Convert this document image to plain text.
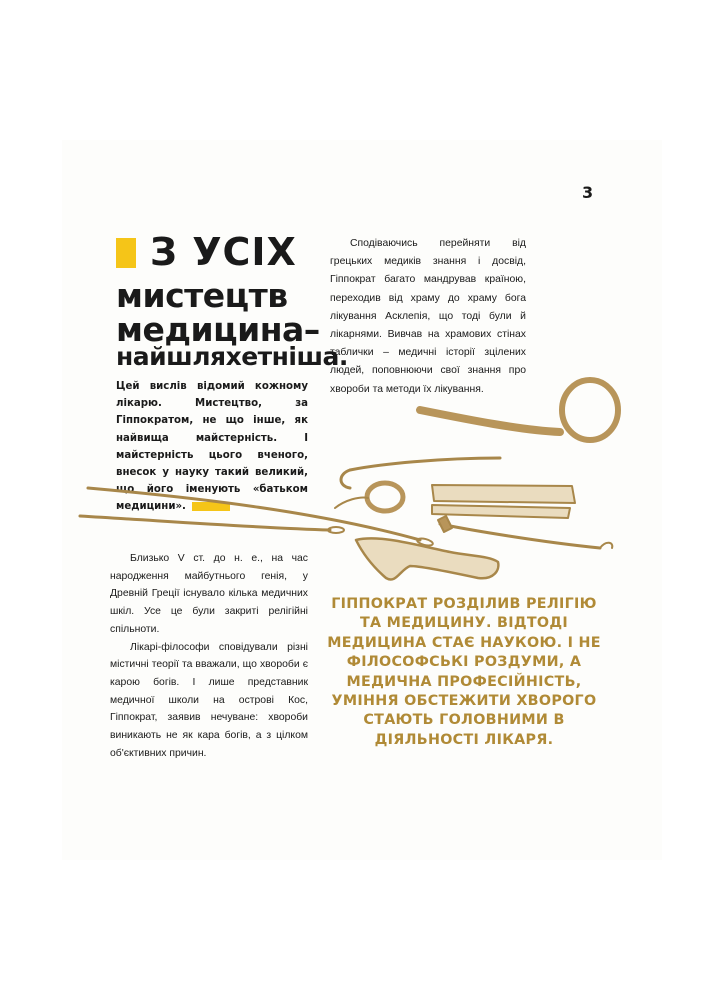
3
З УСІХ
мистецтв
медицина–
найшляхетніша.
Цей вислів відомий кожному лікарю. Мистецтво, за Гіппократом, не що інше, як найвища майстерність. І майстерність цього вченого, внесок у науку такий великий, що його іменують «батьком медицини».

Сподіваючись перейняти від грецьких медиків знання і досвід, Гіппократ багато мандрував країною, переходив від храму до храму бога лікування Асклепія, що тоді були й лікарнями. Вивчав на храмових стінах таблички – медичні історії зцілених людей, поповнюючи свої знання про хвороби та методи їх лікування.

Близько V ст. до н. е., на час народження майбутнього генія, у Древній Греції існувало кілька медичних шкіл. Усе це були закриті релігійні спільноти.

Лікарі-філософи сповідували різні містичні теорії та вважали, що хвороби є карою богів. І лише представник медичної школи на острові Кос, Гіппократ, заявив нечуване: хвороби виникають не як кара богів, а з цілком об'єктивних причин.

ГІППОКРАТ РОЗДІЛИВ РЕЛІГІЮ ТА МЕДИЦИНУ. ВІДТОДІ МЕДИЦИНА СТАЄ НАУКОЮ. І НЕ ФІЛОСОФСЬКІ РОЗДУМИ, А МЕДИЧНА ПРОФЕСІЙНІСТЬ, УМІННЯ ОБСТЕЖИТИ ХВОРОГО СТАЮТЬ ГОЛОВНИМИ В ДІЯЛЬНОСТІ ЛІКАРЯ.
